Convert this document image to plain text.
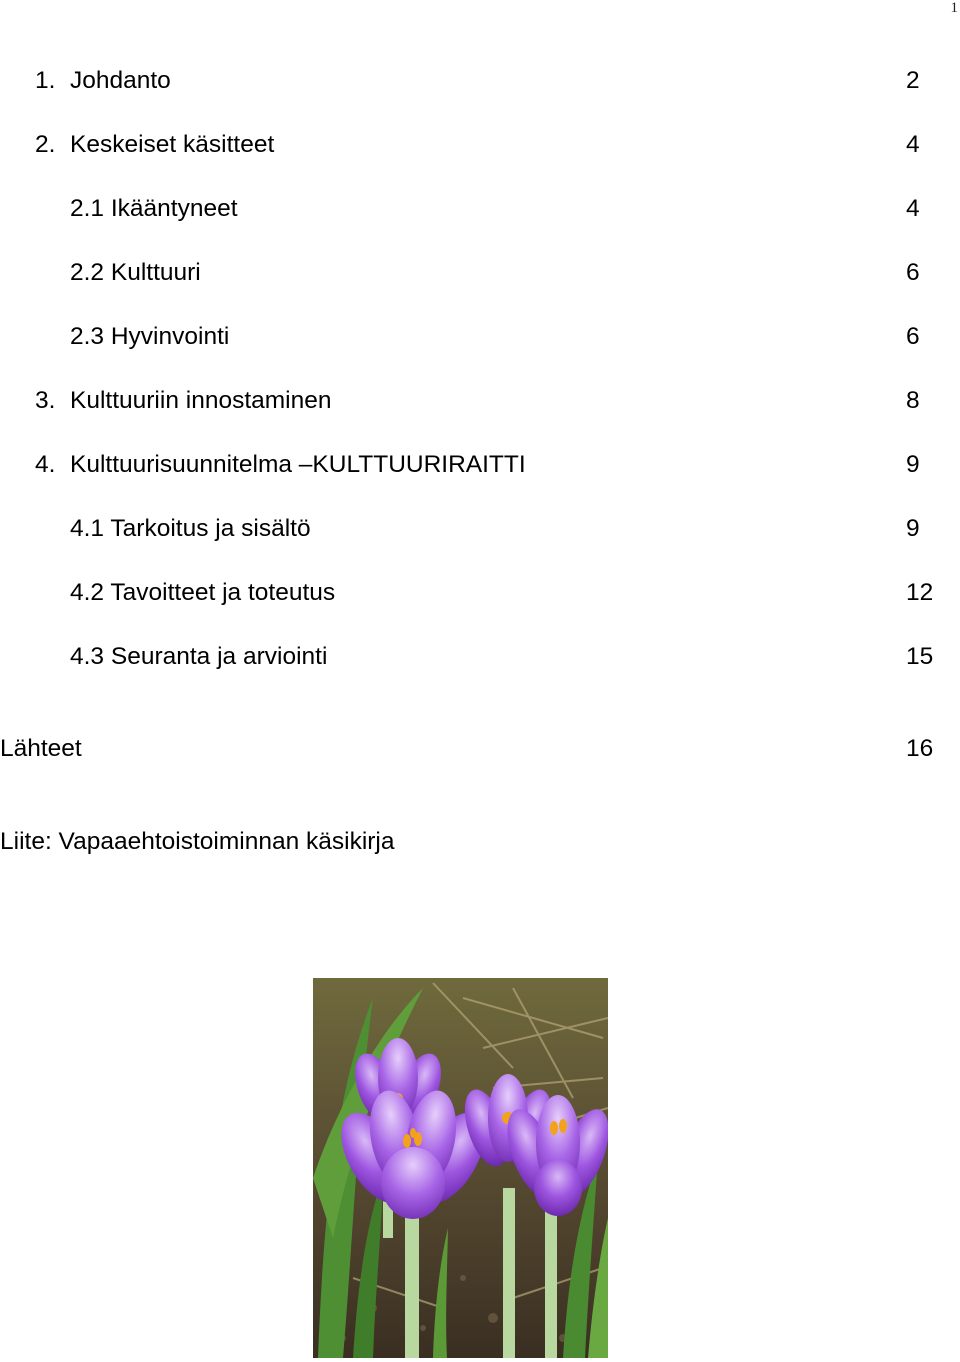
1
1. Johdanto	2
2. Keskeiset käsitteet	4
2.1 Ikääntyneet	4
2.2 Kulttuuri	6
2.3 Hyvinvointi	6
3. Kulttuuriin innostaminen	8
4. Kulttuurisuunnitelma –KULTTUURIRAITTI	9
4.1 Tarkoitus ja sisältö	9
4.2 Tavoitteet ja toteutus	12
4.3 Seuranta ja arviointi	15
Lähteet	16
Liite: Vapaaehtoistoiminnan käsikirja
